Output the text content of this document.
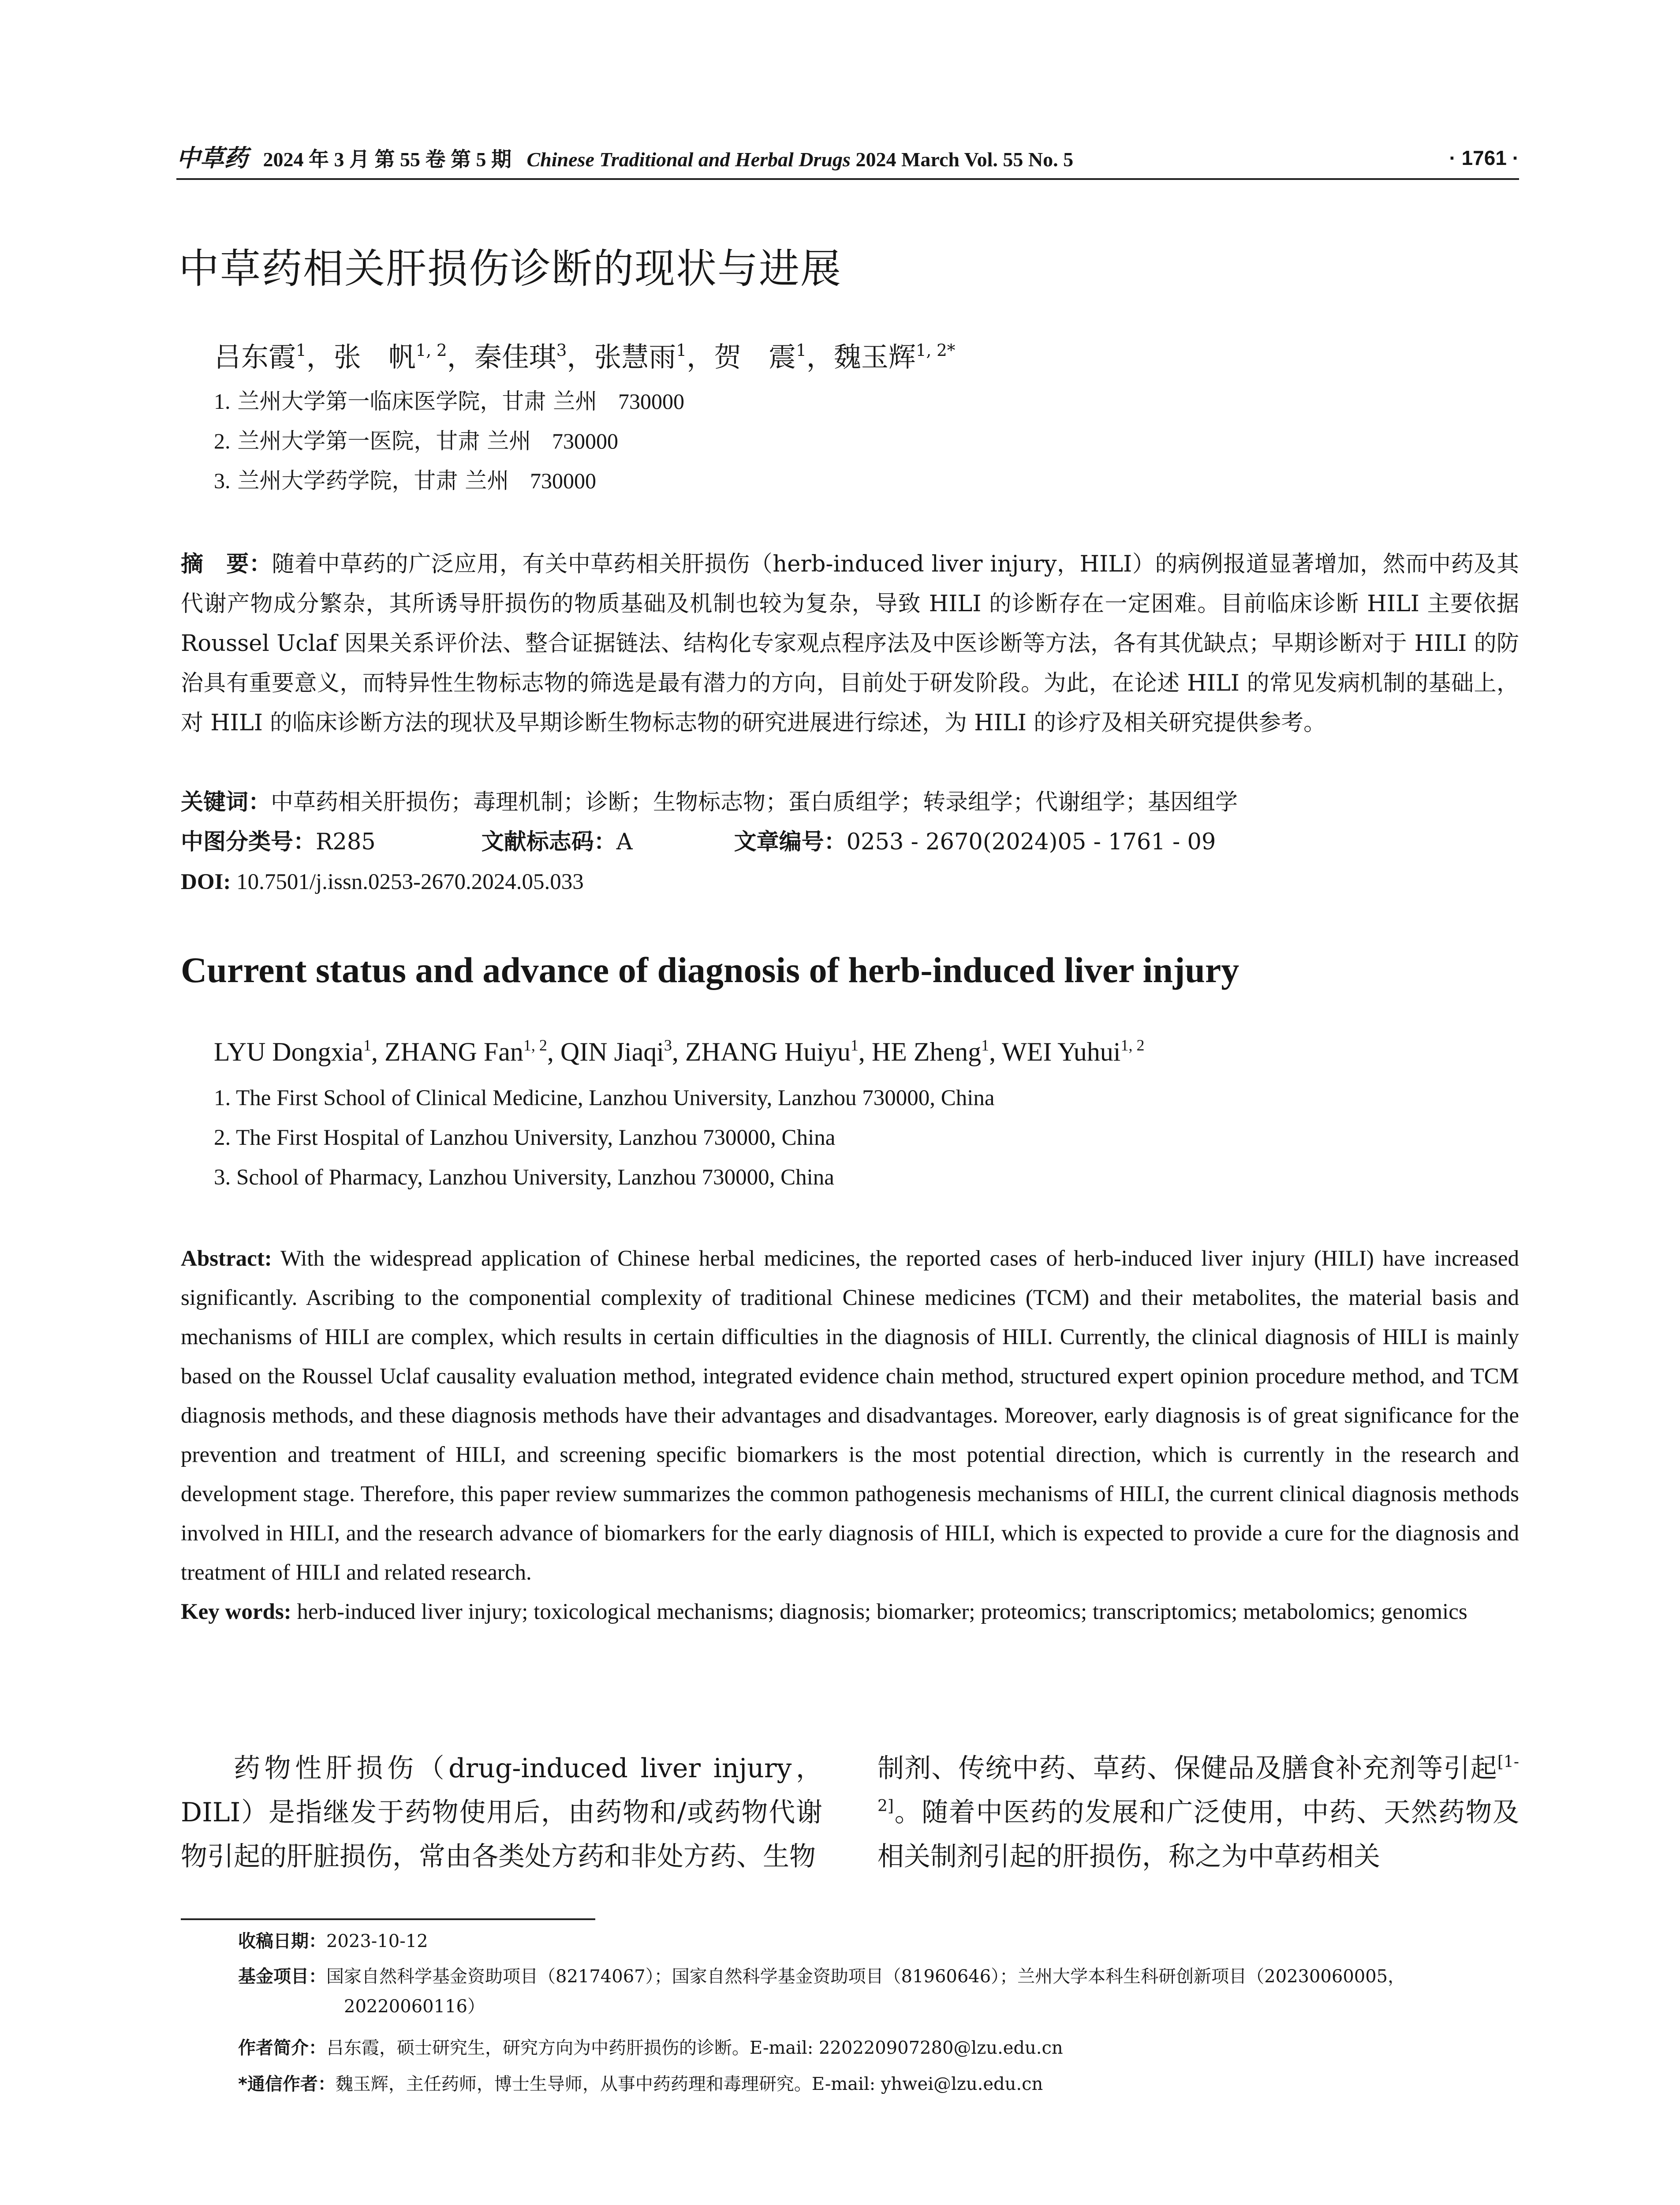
中草药 2024 年 3 月 第 55 卷 第 5 期 Chinese Traditional and Herbal Drugs 2024 March Vol. 55 No. 5	· 1761 ·
中草药相关肝损伤诊断的现状与进展
吕东霞$^1$，张　帆$^{1, 2}$，秦佳琪$^3$，张慧雨$^1$，贺　震$^1$，魏玉辉$^{1, 2*}$
1. 兰州大学第一临床医学院，甘肃 兰州 730000
2. 兰州大学第一医院，甘肃 兰州 730000
3. 兰州大学药学院，甘肃 兰州 730000
摘　要：随着中草药的广泛应用，有关中草药相关肝损伤（herb-induced liver injury，HILI）的病例报道显著增加，然而中药及其代谢产物成分繁杂，其所诱导肝损伤的物质基础及机制也较为复杂，导致 HILI 的诊断存在一定困难。目前临床诊断 HILI 主要依据 Roussel Uclaf 因果关系评价法、整合证据链法、结构化专家观点程序法及中医诊断等方法，各有其优缺点；早期诊断对于 HILI 的防治具有重要意义，而特异性生物标志物的筛选是最有潜力的方向，目前处于研发阶段。为此，在论述 HILI 的常见发病机制的基础上，对 HILI 的临床诊断方法的现状及早期诊断生物标志物的研究进展进行综述，为 HILI 的诊疗及相关研究提供参考。
关键词：中草药相关肝损伤；毒理机制；诊断；生物标志物；蛋白质组学；转录组学；代谢组学；基因组学
中图分类号：R285	文献标志码：A	文章编号：0253 - 2670(2024)05 - 1761 - 09
DOI: 10.7501/j.issn.0253-2670.2024.05.033
Current status and advance of diagnosis of herb-induced liver injury
LYU Dongxia$^1$, ZHANG Fan$^{1, 2}$, QIN Jiaqi$^3$, ZHANG Huiyu$^1$, HE Zheng$^1$, WEI Yuhui$^{1, 2}$
1. The First School of Clinical Medicine, Lanzhou University, Lanzhou 730000, China
2. The First Hospital of Lanzhou University, Lanzhou 730000, China
3. School of Pharmacy, Lanzhou University, Lanzhou 730000, China
Abstract: With the widespread application of Chinese herbal medicines, the reported cases of herb-induced liver injury (HILI) have increased significantly. Ascribing to the componential complexity of traditional Chinese medicines (TCM) and their metabolites, the material basis and mechanisms of HILI are complex, which results in certain difficulties in the diagnosis of HILI. Currently, the clinical diagnosis of HILI is mainly based on the Roussel Uclaf causality evaluation method, integrated evidence chain method, structured expert opinion procedure method, and TCM diagnosis methods, and these diagnosis methods have their advantages and disadvantages. Moreover, early diagnosis is of great significance for the prevention and treatment of HILI, and screening specific biomarkers is the most potential direction, which is currently in the research and development stage. Therefore, this paper review summarizes the common pathogenesis mechanisms of HILI, the current clinical diagnosis methods involved in HILI, and the research advance of biomarkers for the early diagnosis of HILI, which is expected to provide a cure for the diagnosis and treatment of HILI and related research.
Key words: herb-induced liver injury; toxicological mechanisms; diagnosis; biomarker; proteomics; transcriptomics; metabolomics; genomics
药物性肝损伤（drug-induced liver injury，DILI）是指继发于药物使用后，由药物和/或药物代谢物引起的肝脏损伤，常由各类处方药和非处方药、生物
制剂、传统中药、草药、保健品及膳食补充剂等引起[1-2]。随着中医药的发展和广泛使用，中药、天然药物及相关制剂引起的肝损伤，称之为中草药相关
收稿日期：2023-10-12
基金项目：国家自然科学基金资助项目（82174067）；国家自然科学基金资助项目（81960646）；兰州大学本科生科研创新项目（20230060005，
20220060116）
作者简介：吕东霞，硕士研究生，研究方向为中药肝损伤的诊断。E-mail: 220220907280@lzu.edu.cn
*通信作者：魏玉辉，主任药师，博士生导师，从事中药药理和毒理研究。E-mail: yhwei@lzu.edu.cn
